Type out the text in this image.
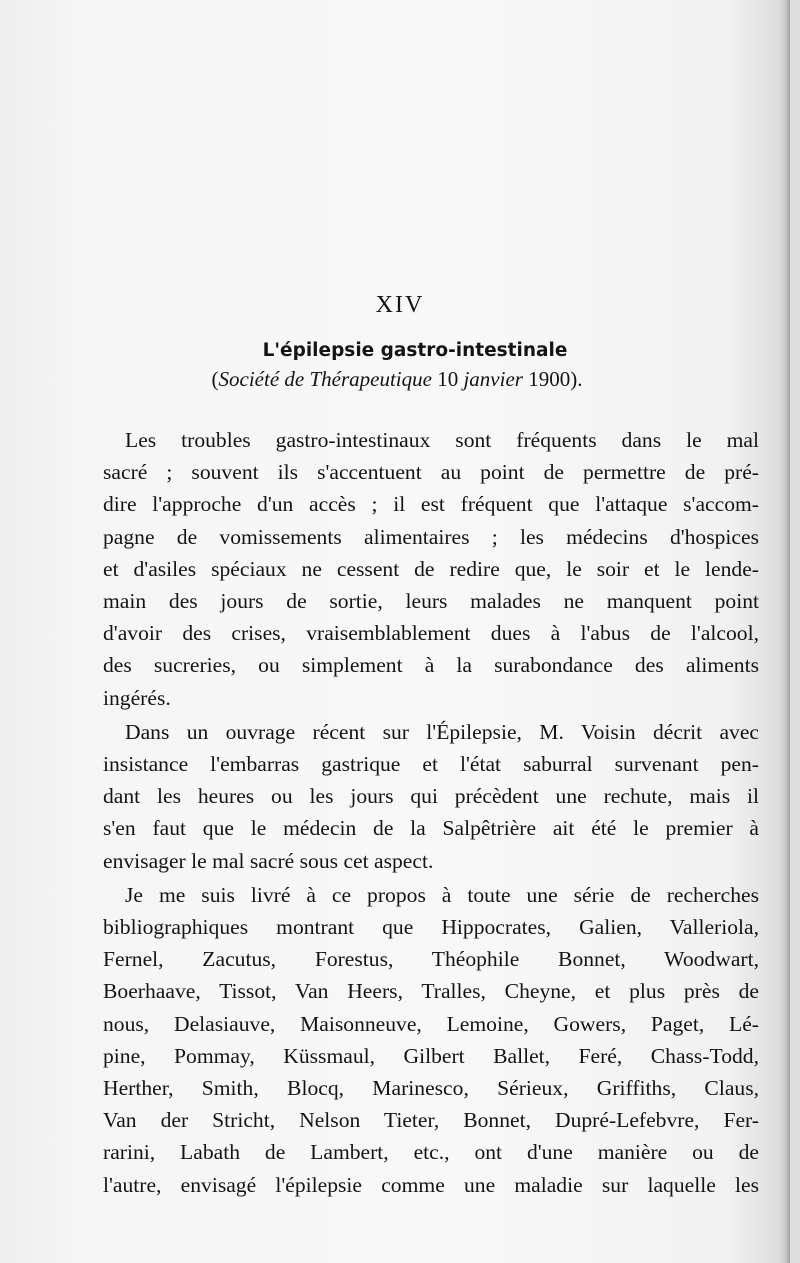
XIV
L'épilepsie gastro-intestinale
(Société de Thérapeutique 10 janvier 1900).
Les troubles gastro-intestinaux sont fréquents dans le mal
sacré ; souvent ils s'accentuent au point de permettre de pré-
dire l'approche d'un accès ; il est fréquent que l'attaque s'accom-
pagne de vomissements alimentaires ; les médecins d'hospices
et d'asiles spéciaux ne cessent de redire que, le soir et le lende-
main des jours de sortie, leurs malades ne manquent point
d'avoir des crises, vraisemblablement dues à l'abus de l'alcool,
des sucreries, ou simplement à la surabondance des aliments
ingérés.
Dans un ouvrage récent sur l'Épilepsie, M. Voisin décrit avec
insistance l'embarras gastrique et l'état saburral survenant pen-
dant les heures ou les jours qui précèdent une rechute, mais il
s'en faut que le médecin de la Salpêtrière ait été le premier à
envisager le mal sacré sous cet aspect.
Je me suis livré à ce propos à toute une série de recherches
bibliographiques montrant que Hippocrates, Galien, Valleriola,
Fernel, Zacutus, Forestus, Théophile Bonnet, Woodwart,
Boerhaave, Tissot, Van Heers, Tralles, Cheyne, et plus près de
nous, Delasiauve, Maisonneuve, Lemoine, Gowers, Paget, Lé-
pine, Pommay, Küssmaul, Gilbert Ballet, Feré, Chass-Todd,
Herther, Smith, Blocq, Marinesco, Sérieux, Griffiths, Claus,
Van der Stricht, Nelson Tieter, Bonnet, Dupré-Lefebvre, Fer-
rarini, Labath de Lambert, etc., ont d'une manière ou de
l'autre, envisagé l'épilepsie comme une maladie sur laquelle les
